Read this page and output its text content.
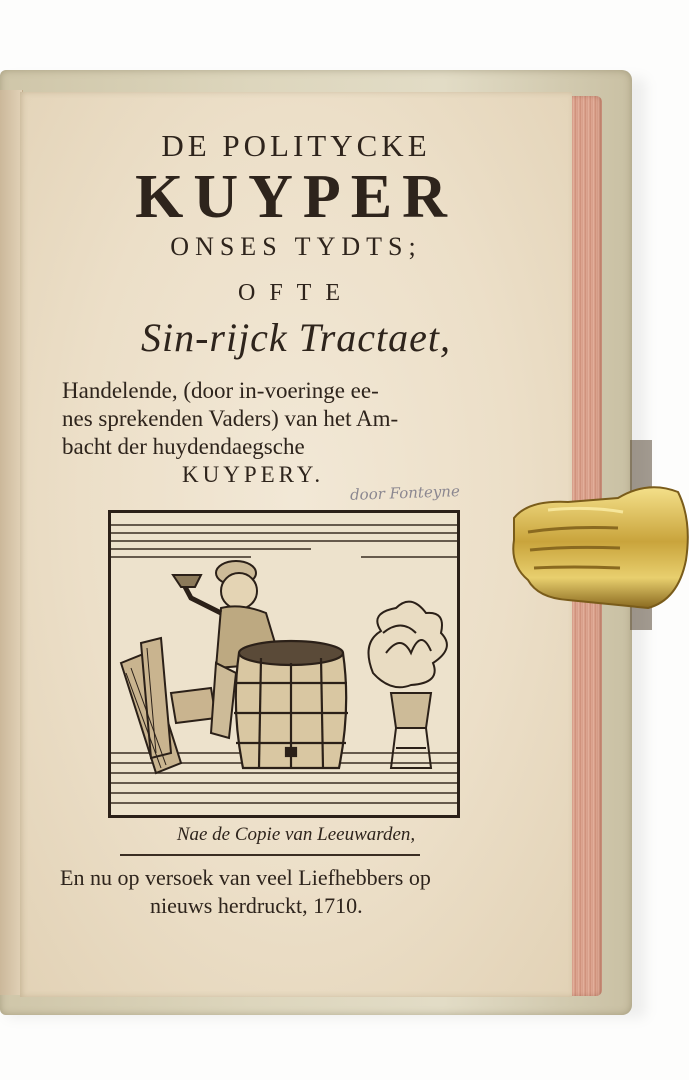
DE POLITYCKE
KUYPER
ONSES TYDTS;
OFTE
Sin-rijck Tractaet,
Handelende, (door in-voeringe ee-
nes sprekenden Vaders) van het Am-
bacht der huydendaegsche
KUYPERY.
door Fonteyne
Nae de Copie van Leeuwarden,
En nu op versoek van veel Liefhebbers op
nieuws herdruckt, 1710.
